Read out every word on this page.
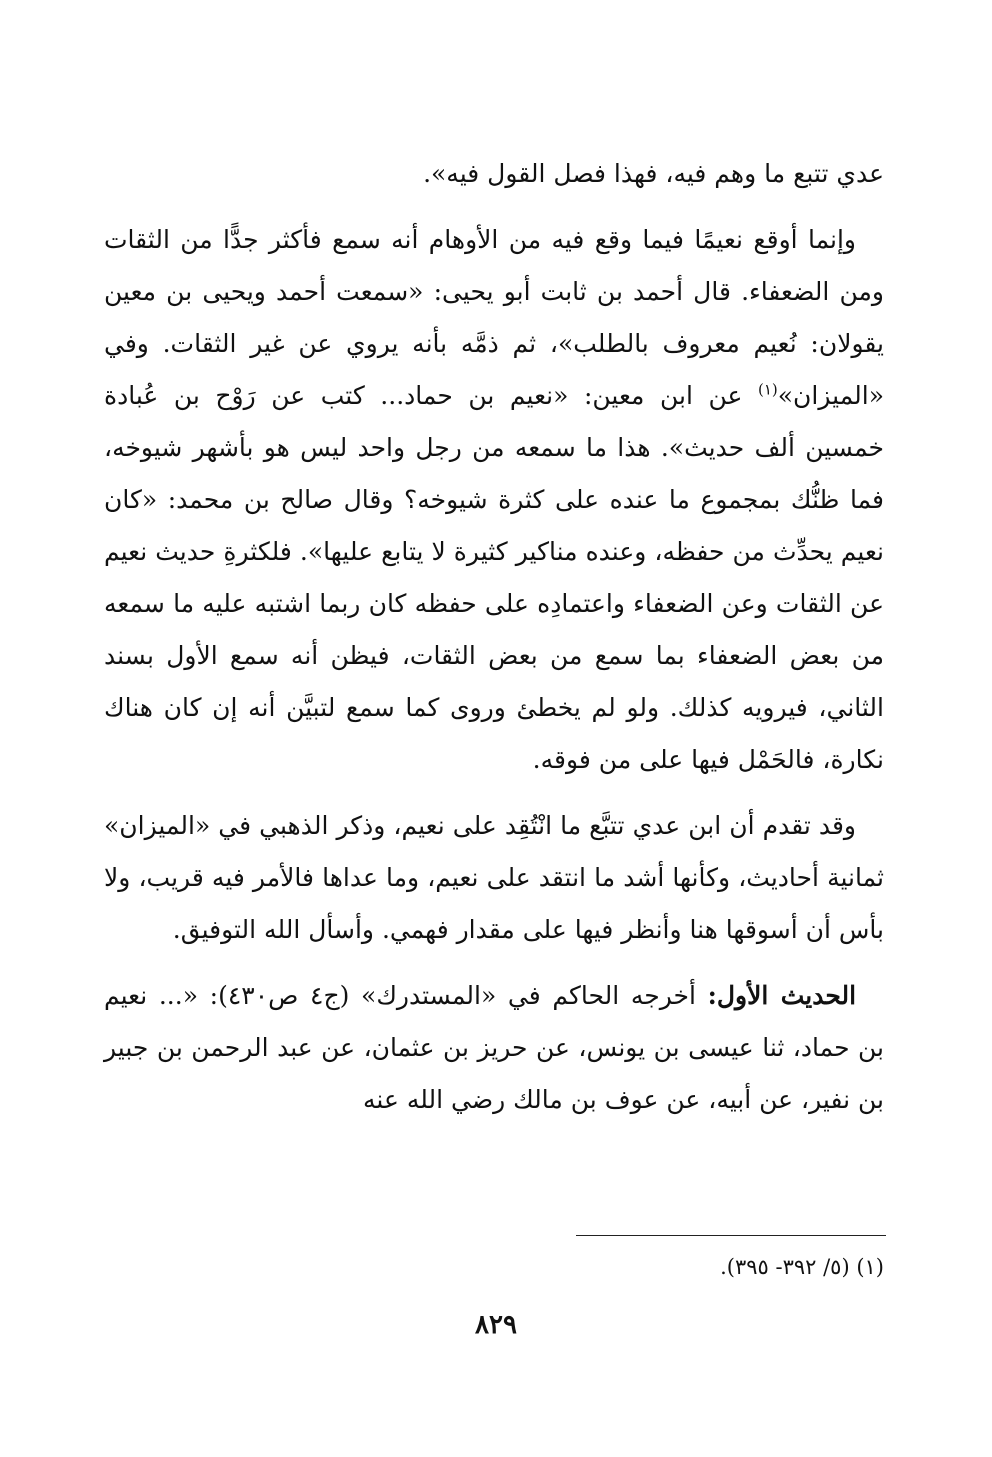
عدي تتبع ما وهم فيه، فهذا فصل القول فيه».

وإنما أوقع نعيمًا فيما وقع فيه من الأوهام أنه سمع فأكثر جدًّا من الثقات ومن الضعفاء. قال أحمد بن ثابت أبو يحيى: «سمعت أحمد ويحيى بن معين يقولان: نُعيم معروف بالطلب»، ثم ذمَّه بأنه يروي عن غير الثقات. وفي «الميزان»$^{(١)}$ عن ابن معين: «نعيم بن حماد... كتب عن رَوْح بن عُبادة خمسين ألف حديث». هذا ما سمعه من رجل واحد ليس هو بأشهر شيوخه، فما ظنُّك بمجموع ما عنده على كثرة شيوخه؟ وقال صالح بن محمد: «كان نعيم يحدِّث من حفظه، وعنده مناكير كثيرة لا يتابع عليها». فلكثرةِ حديث نعيم عن الثقات وعن الضعفاء واعتمادِه على حفظه كان ربما اشتبه عليه ما سمعه من بعض الضعفاء بما سمع من بعض الثقات، فيظن أنه سمع الأول بسند الثاني، فيرويه كذلك. ولو لم يخطئ وروى كما سمع لتبيَّن أنه إن كان هناك نكارة، فالحَمْل فيها على من فوقه.

وقد تقدم أن ابن عدي تتبَّع ما انْتُقِد على نعيم، وذكر الذهبي في «الميزان» ثمانية أحاديث، وكأنها أشد ما انتقد على نعيم، وما عداها فالأمر فيه قريب، ولا بأس أن أسوقها هنا وأنظر فيها على مقدار فهمي. وأسأل الله التوفيق.

الحديث الأول: أخرجه الحاكم في «المستدرك» (ج٤ ص٤٣٠): «... نعيم بن حماد، ثنا عيسى بن يونس، عن حريز بن عثمان، عن عبد الرحمن بن جبير بن نفير، عن أبيه، عن عوف بن مالك رضي الله عنه

(١) (٥/ ٣٩٢- ٣٩٥).
٨٢٩
